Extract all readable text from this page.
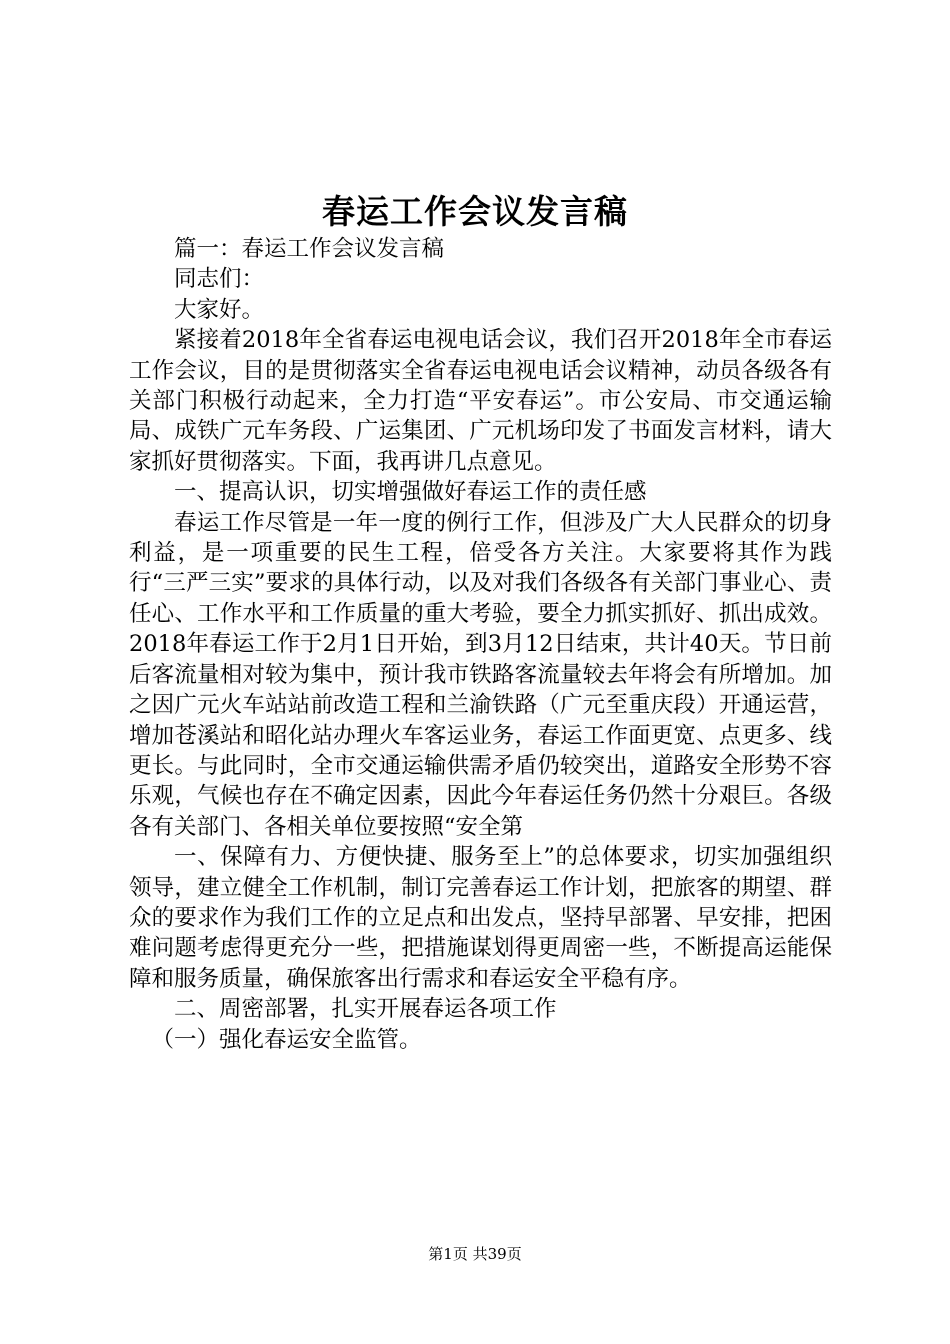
春运工作会议发言稿

篇一：春运工作会议发言稿

同志们：

大家好。

紧接着2018年全省春运电视电话会议，我们召开2018年全市春运工作会议，目的是贯彻落实全省春运电视电话会议精神，动员各级各有关部门积极行动起来，全力打造“平安春运”。市公安局、市交通运输局、成铁广元车务段、广运集团、广元机场印发了书面发言材料，请大家抓好贯彻落实。下面，我再讲几点意见。

一、提高认识，切实增强做好春运工作的责任感

春运工作尽管是一年一度的例行工作，但涉及广大人民群众的切身利益，是一项重要的民生工程，倍受各方关注。大家要将其作为践行“三严三实”要求的具体行动，以及对我们各级各有关部门事业心、责任心、工作水平和工作质量的重大考验，要全力抓实抓好、抓出成效。2018年春运工作于2月1日开始，到3月12日结束，共计40天。节日前后客流量相对较为集中，预计我市铁路客流量较去年将会有所增加。加之因广元火车站站前改造工程和兰渝铁路（广元至重庆段）开通运营，增加苍溪站和昭化站办理火车客运业务，春运工作面更宽、点更多、线更长。与此同时，全市交通运输供需矛盾仍较突出，道路安全形势不容乐观，气候也存在不确定因素，因此今年春运任务仍然十分艰巨。各级各有关部门、各相关单位要按照“安全第

一、保障有力、方便快捷、服务至上”的总体要求，切实加强组织领导，建立健全工作机制，制订完善春运工作计划，把旅客的期望、群众的要求作为我们工作的立足点和出发点，坚持早部署、早安排，把困难问题考虑得更充分一些，把措施谋划得更周密一些，不断提高运能保障和服务质量，确保旅客出行需求和春运安全平稳有序。

二、周密部署，扎实开展春运各项工作

（一）强化春运安全监管。

第1页 共39页
